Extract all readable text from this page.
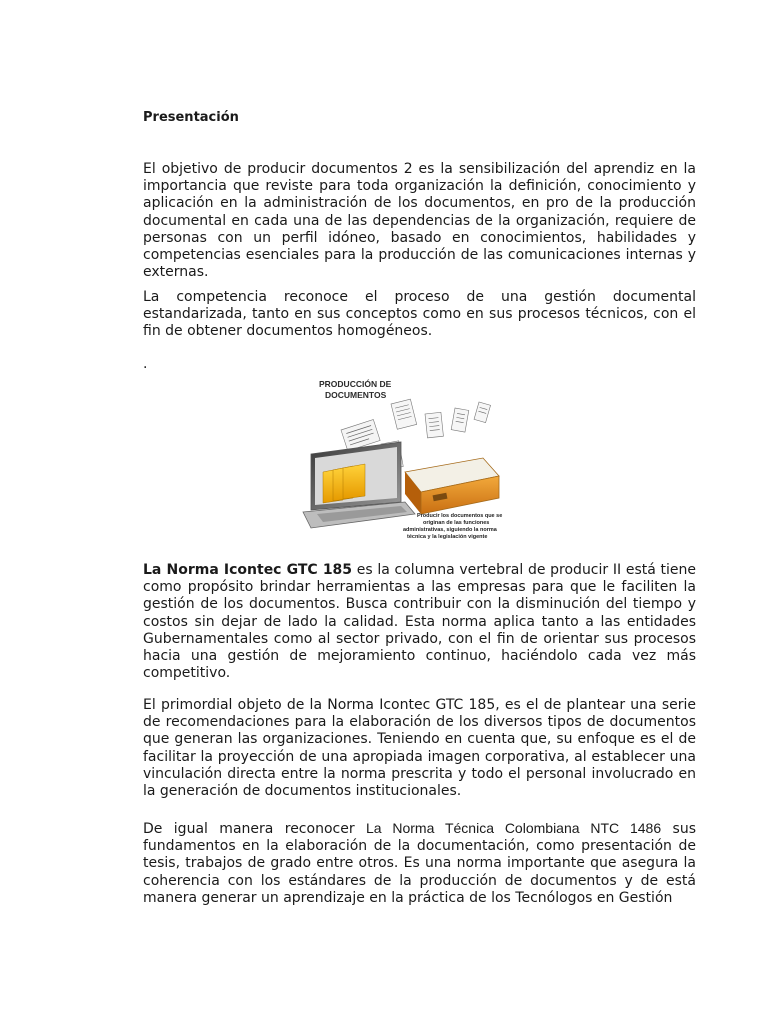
Presentación
El objetivo de producir documentos 2 es la sensibilización del aprendiz en la importancia que reviste para toda organización la definición, conocimiento y aplicación en la administración de los documentos, en pro de la producción documental en cada una de las dependencias de la organización, requiere de personas con un perfil idóneo, basado en conocimientos, habilidades y competencias esenciales para la producción de las comunicaciones internas y externas.
La competencia reconoce el proceso de una gestión documental estandarizada, tanto en sus conceptos como en sus procesos técnicos, con el fin de obtener documentos homogéneos.
.
PRODUCCIÓN DE
DOCUMENTOS
Producir los documentos que se
originan de las funciones
administrativas, siguiendo la norma
técnica y la legislación vigente
La Norma Icontec GTC 185 es la columna vertebral de producir II está tiene como propósito brindar herramientas a las empresas para que le faciliten la gestión de los documentos. Busca contribuir con la disminución del tiempo y costos sin dejar de lado la calidad. Esta norma aplica tanto a las entidades Gubernamentales como al sector privado, con el fin de orientar sus procesos hacia una gestión de mejoramiento continuo, haciéndolo cada vez más competitivo.
El primordial objeto de la Norma Icontec GTC 185, es el de plantear una serie de recomendaciones para la elaboración de los diversos tipos de documentos que generan las organizaciones. Teniendo en cuenta que, su enfoque es el de facilitar la proyección de una apropiada imagen corporativa, al establecer una vinculación directa entre la norma prescrita y todo el personal involucrado en la generación de documentos institucionales.
De igual manera reconocer La Norma Técnica Colombiana NTC 1486 sus fundamentos en la elaboración de la documentación, como presentación de tesis, trabajos de grado entre otros. Es una norma importante que asegura la coherencia con los estándares de la producción de documentos y de está manera generar un aprendizaje en la práctica de los Tecnólogos en Gestión
